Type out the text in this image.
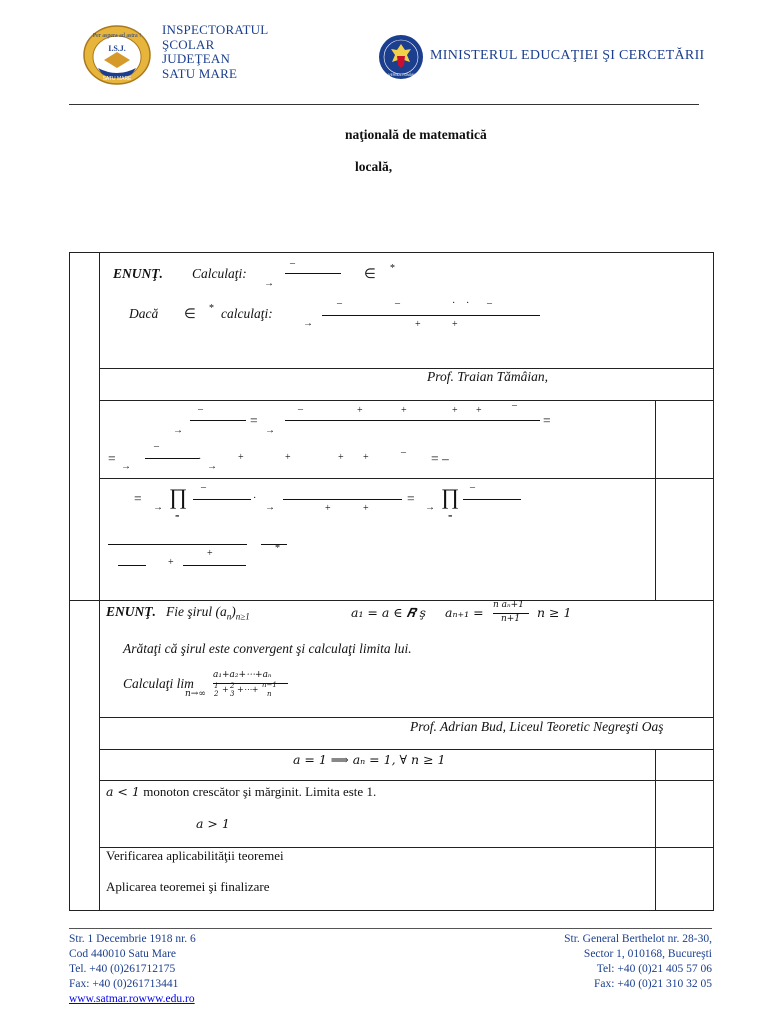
Per aspera ad astra !
I.S.J.
SATU MARE
INSPECTORATUL
ŞCOLAR
JUDEŢEAN
SATU MARE	GUVERNUL ROMÂNIEI
MINISTERUL EDUCAŢIEI ŞI CERCETĂRII
naţională de matematică
locală,
ENUNŢ. Calculaţi:
–
→
∈ *
Dacă ∈ * calculaţi:
–	–	· · –
→	+	+
Prof. Traian Tămâian,
–
→
=
→
–	+	+	+ +	–
=
=
→
–
·
→
+	+	+ +	– = –
=
→ ∏
-
–
·
→	+	+
=
→ ∏
-
–
*
+
+
ENUNŢ. Fie şirul $(a_n)_{n\ge 1}$	a₁ = a ∈ 𝑹 ş aₙ₊₁ = n aₙ+1
n+1 n ≥ 1
Arătaţi că şirul este convergent şi calculaţi limita lui.
Calculaţi lim
n→∞
a₁+a₂+⋯+aₙ
1
2 + 2
3 +⋯+ n−1
n
Prof. Adrian Bud, Liceul Teoretic Negreşti Oaş
a = 1 ⟹ aₙ = 1, ∀ n ≥ 1
a < 1 monoton crescător şi mărginit. Limita este 1.
a > 1
Verificarea aplicabilităţii teoremei
Aplicarea teoremei şi finalizare
Str. 1 Decembrie 1918 nr. 6
Cod 440010 Satu Mare
Tel. +40 (0)261712175
Fax: +40 (0)261713441
www.satmar.rowww.edu.ro
Str. General Berthelot nr. 28-30,
Sector 1, 010168, Bucureşti
Tel: +40 (0)21 405 57 06
Fax: +40 (0)21 310 32 05
